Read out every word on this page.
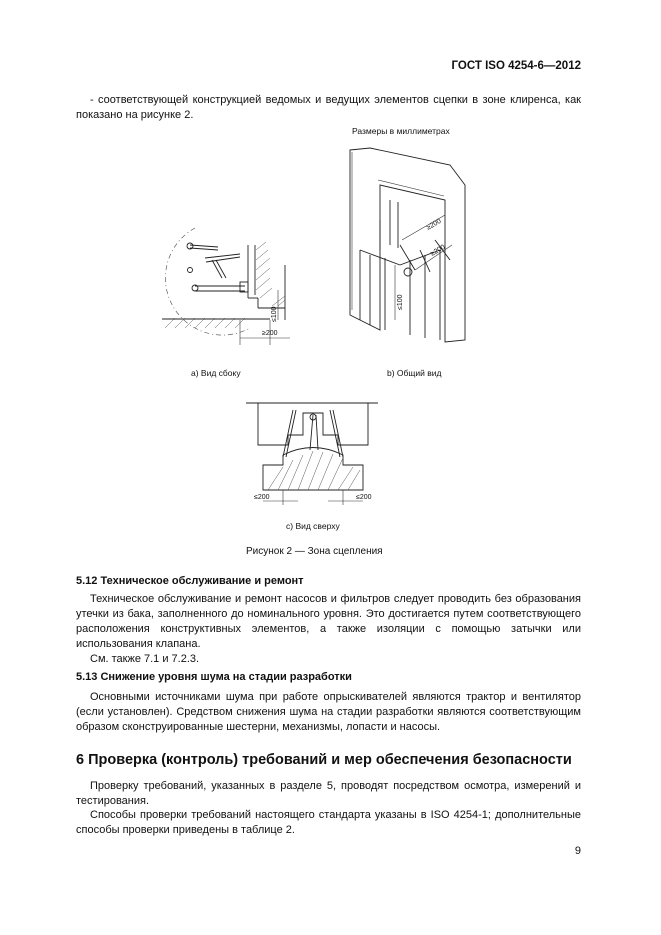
ГОСТ ISO 4254-6—2012
- соответствующей конструкцией ведомых и ведущих элементов сцепки в зоне клиренса, как показано на рисунке 2.
Размеры в миллиметрах
≤100
≥200
≥200
≥200
≤100
a) Вид сбоку	b) Общий вид
≤200	≤200
c) Вид сверху
Рисунок 2 — Зона сцепления
5.12 Техническое обслуживание и ремонт
Техническое обслуживание и ремонт насосов и фильтров следует проводить без образования утечки из бака, заполненного до номинального уровня. Это достигается путем соответствующего расположения конструктивных элементов, а также изоляции с помощью затычки или использования клапана.
См. также 7.1 и 7.2.3.
5.13 Снижение уровня шума на стадии разработки
Основными источниками шума при работе опрыскивателей являются трактор и вентилятор (если установлен). Средством снижения шума на стадии разработки являются соответствующим образом сконструированные шестерни, механизмы, лопасти и насосы.
6 Проверка (контроль) требований и мер обеспечения безопасности
Проверку требований, указанных в разделе 5, проводят посредством осмотра, измерений и тестирования.
Способы проверки требований настоящего стандарта указаны в ISO 4254-1; дополнительные способы проверки приведены в таблице 2.
9
